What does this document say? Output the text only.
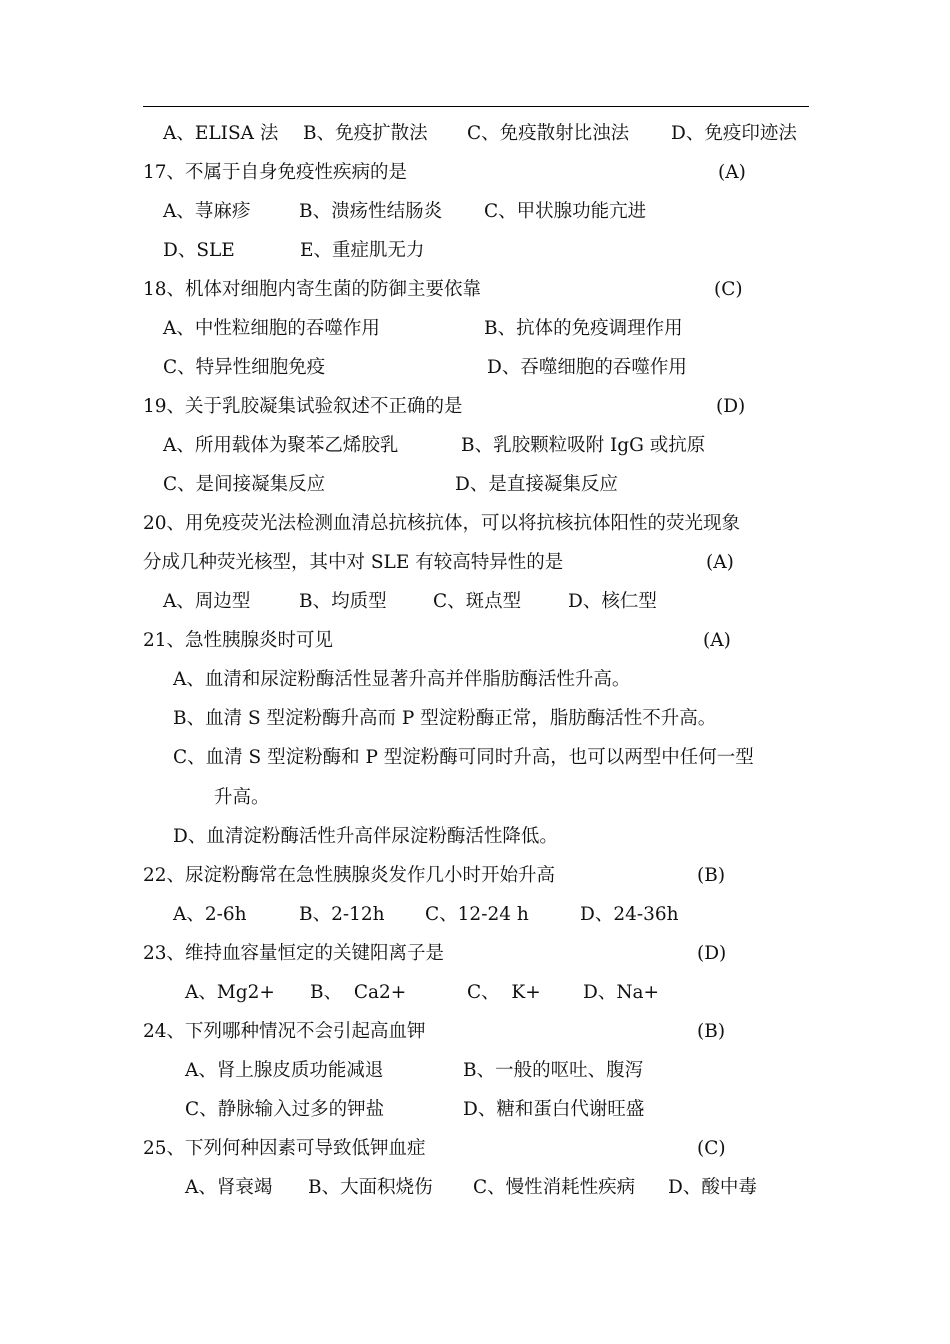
A、ELISA 法 B、免疫扩散法 C、免疫散射比浊法 D、免疫印迹法
17、不属于自身免疫性疾病的是	(A)
A、荨麻疹	B、溃疡性结肠炎 C、甲状腺功能亢进
D、SLE	E、重症肌无力
18、机体对细胞内寄生菌的防御主要依靠	(C)
A、中性粒细胞的吞噬作用	B、抗体的免疫调理作用
C、特异性细胞免疫	D、吞噬细胞的吞噬作用
19、关于乳胶凝集试验叙述不正确的是	(D)
A、所用载体为聚苯乙烯胶乳	B、乳胶颗粒吸附 IgG 或抗原
C、是间接凝集反应	D、是直接凝集反应
20、用免疫荧光法检测血清总抗核抗体，可以将抗核抗体阳性的荧光现象
分成几种荧光核型，其中对 SLE 有较高特异性的是	(A)
A、周边型	B、均质型	C、斑点型	D、核仁型
21、急性胰腺炎时可见	(A)
A、血清和尿淀粉酶活性显著升高并伴脂肪酶活性升高。
B、血清 S 型淀粉酶升高而 P 型淀粉酶正常，脂肪酶活性不升高。
C、血清 S 型淀粉酶和 P 型淀粉酶可同时升高，也可以两型中任何一型
升高。
D、血清淀粉酶活性升高伴尿淀粉酶活性降低。
22、尿淀粉酶常在急性胰腺炎发作几小时开始升高	(B)
A、2-6h	B、2-12h C、12-24 h	D、24-36h
23、维持血容量恒定的关键阳离子是	(D)
A、Mg2+ B、  Ca2+	C、  K+ D、Na+
24、下列哪种情况不会引起高血钾	(B)
A、肾上腺皮质功能减退	B、一般的呕吐、腹泻
C、静脉输入过多的钾盐	D、糖和蛋白代谢旺盛
25、下列何种因素可导致低钾血症	(C)
A、肾衰竭 B、大面积烧伤 C、慢性消耗性疾病 D、酸中毒
